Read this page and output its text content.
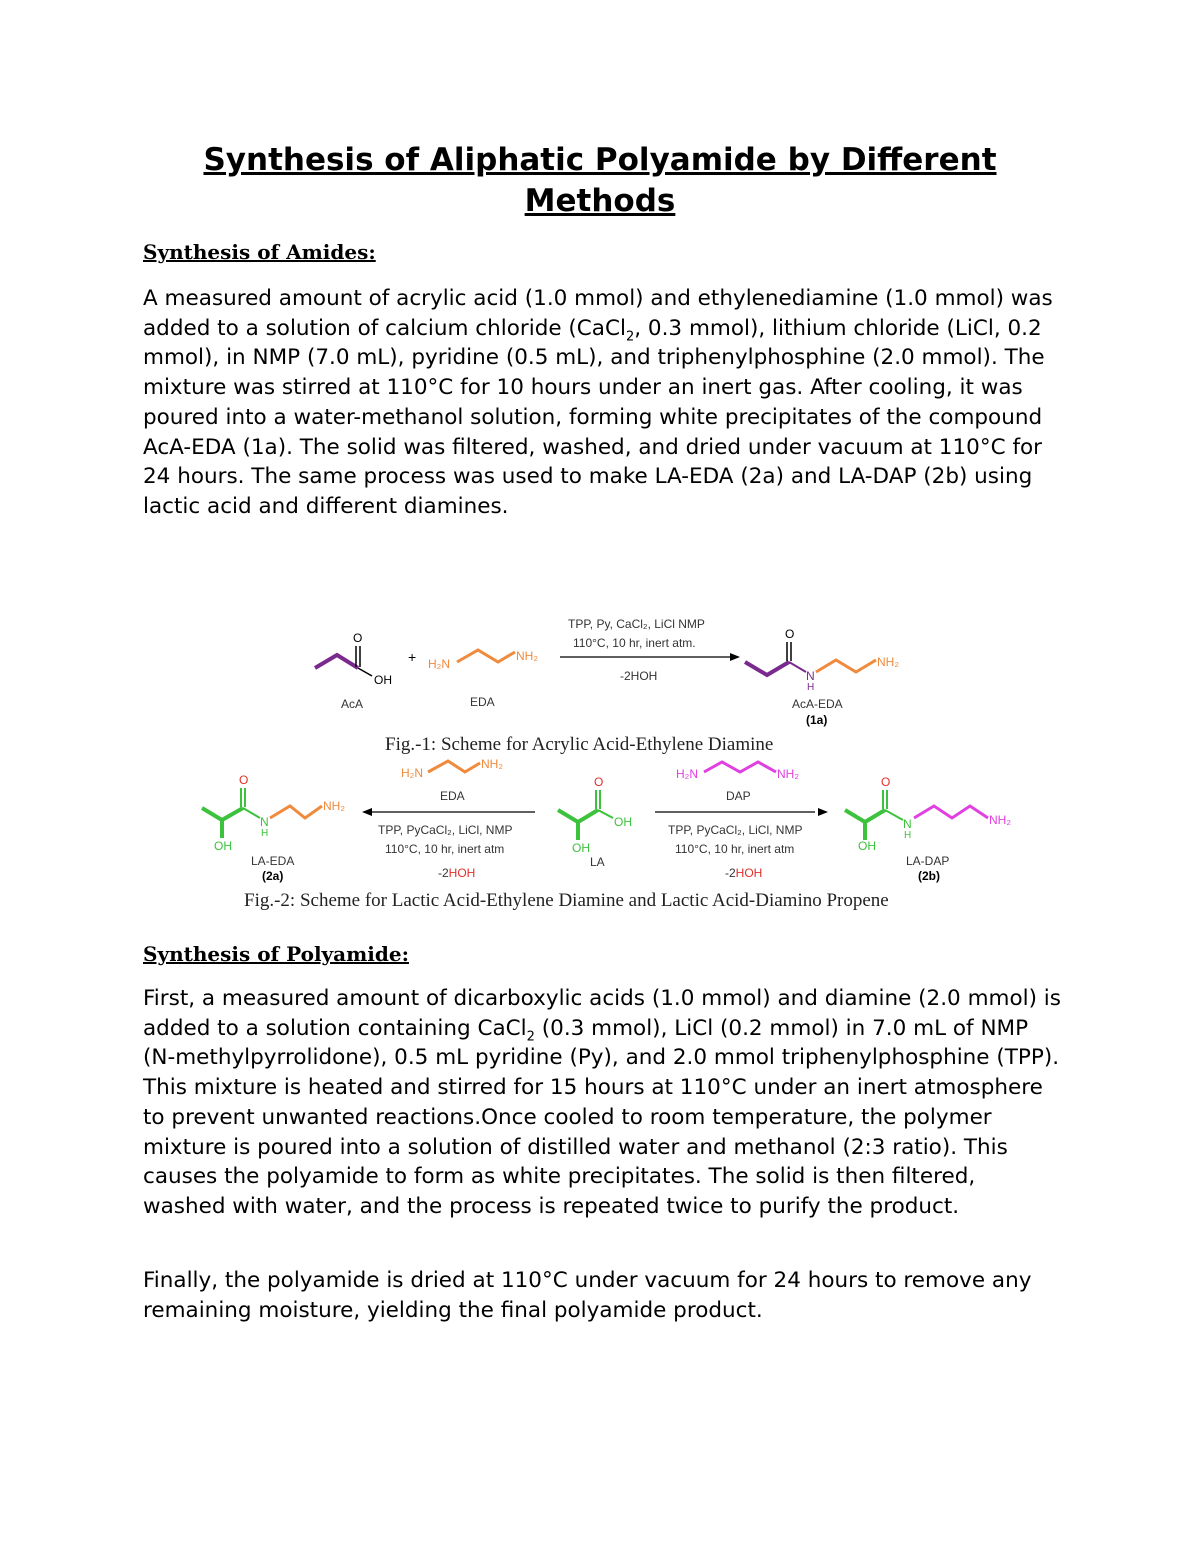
Synthesis of Aliphatic Polyamide by Different Methods
Synthesis of Amides:

A measured amount of acrylic acid (1.0 mmol) and ethylenediamine (1.0 mmol) was added to a solution of calcium chloride (CaCl$_2$, 0.3 mmol), lithium chloride (LiCl, 0.2 mmol), in NMP (7.0 mL), pyridine (0.5 mL), and triphenylphosphine (2.0 mmol). The mixture was stirred at 110°C for 10 hours under an inert gas. After cooling, it was poured into a water-methanol solution, forming white precipitates of the compound AcA-EDA (1a). The solid was filtered, washed, and dried under vacuum at 110°C for 24 hours. The same process was used to make LA-EDA (2a) and LA-DAP (2b) using lactic acid and different diamines.

O
OH
AcA
+ H₂N
NH₂
EDA
TPP, Py, CaCl₂, LiCl NMP
110°C, 10 hr, inert atm.
-2HOH
O
N
H
NH₂
AcA-EDA
(1a)

Fig.-1: Scheme for Acrylic Acid-Ethylene Diamine

O
OH
N
H
NH₂
LA-EDA
(2a)
H₂N
NH₂
EDA
TPP, PyCaCl₂, LiCl, NMP
110°C, 10 hr, inert atm
-2HOH
O
OH
OH
LA
H₂N	NH₂
DAP
TPP, PyCaCl₂, LiCl, NMP
110°C, 10 hr, inert atm
-2HOH
O
OH
N
H
NH₂
LA-DAP
(2b)

Fig.-2: Scheme for Lactic Acid-Ethylene Diamine and Lactic Acid-Diamino Propene

Synthesis of Polyamide:

First, a measured amount of dicarboxylic acids (1.0 mmol) and diamine (2.0 mmol) is added to a solution containing CaCl$_2$ (0.3 mmol), LiCl (0.2 mmol) in 7.0 mL of NMP (N-methylpyrrolidone), 0.5 mL pyridine (Py), and 2.0 mmol triphenylphosphine (TPP). This mixture is heated and stirred for 15 hours at 110°C under an inert atmosphere to prevent unwanted reactions.Once cooled to room temperature, the polymer mixture is poured into a solution of distilled water and methanol (2:3 ratio). This causes the polyamide to form as white precipitates. The solid is then filtered, washed with water, and the process is repeated twice to purify the product.

Finally, the polyamide is dried at 110°C under vacuum for 24 hours to remove any remaining moisture, yielding the final polyamide product.
